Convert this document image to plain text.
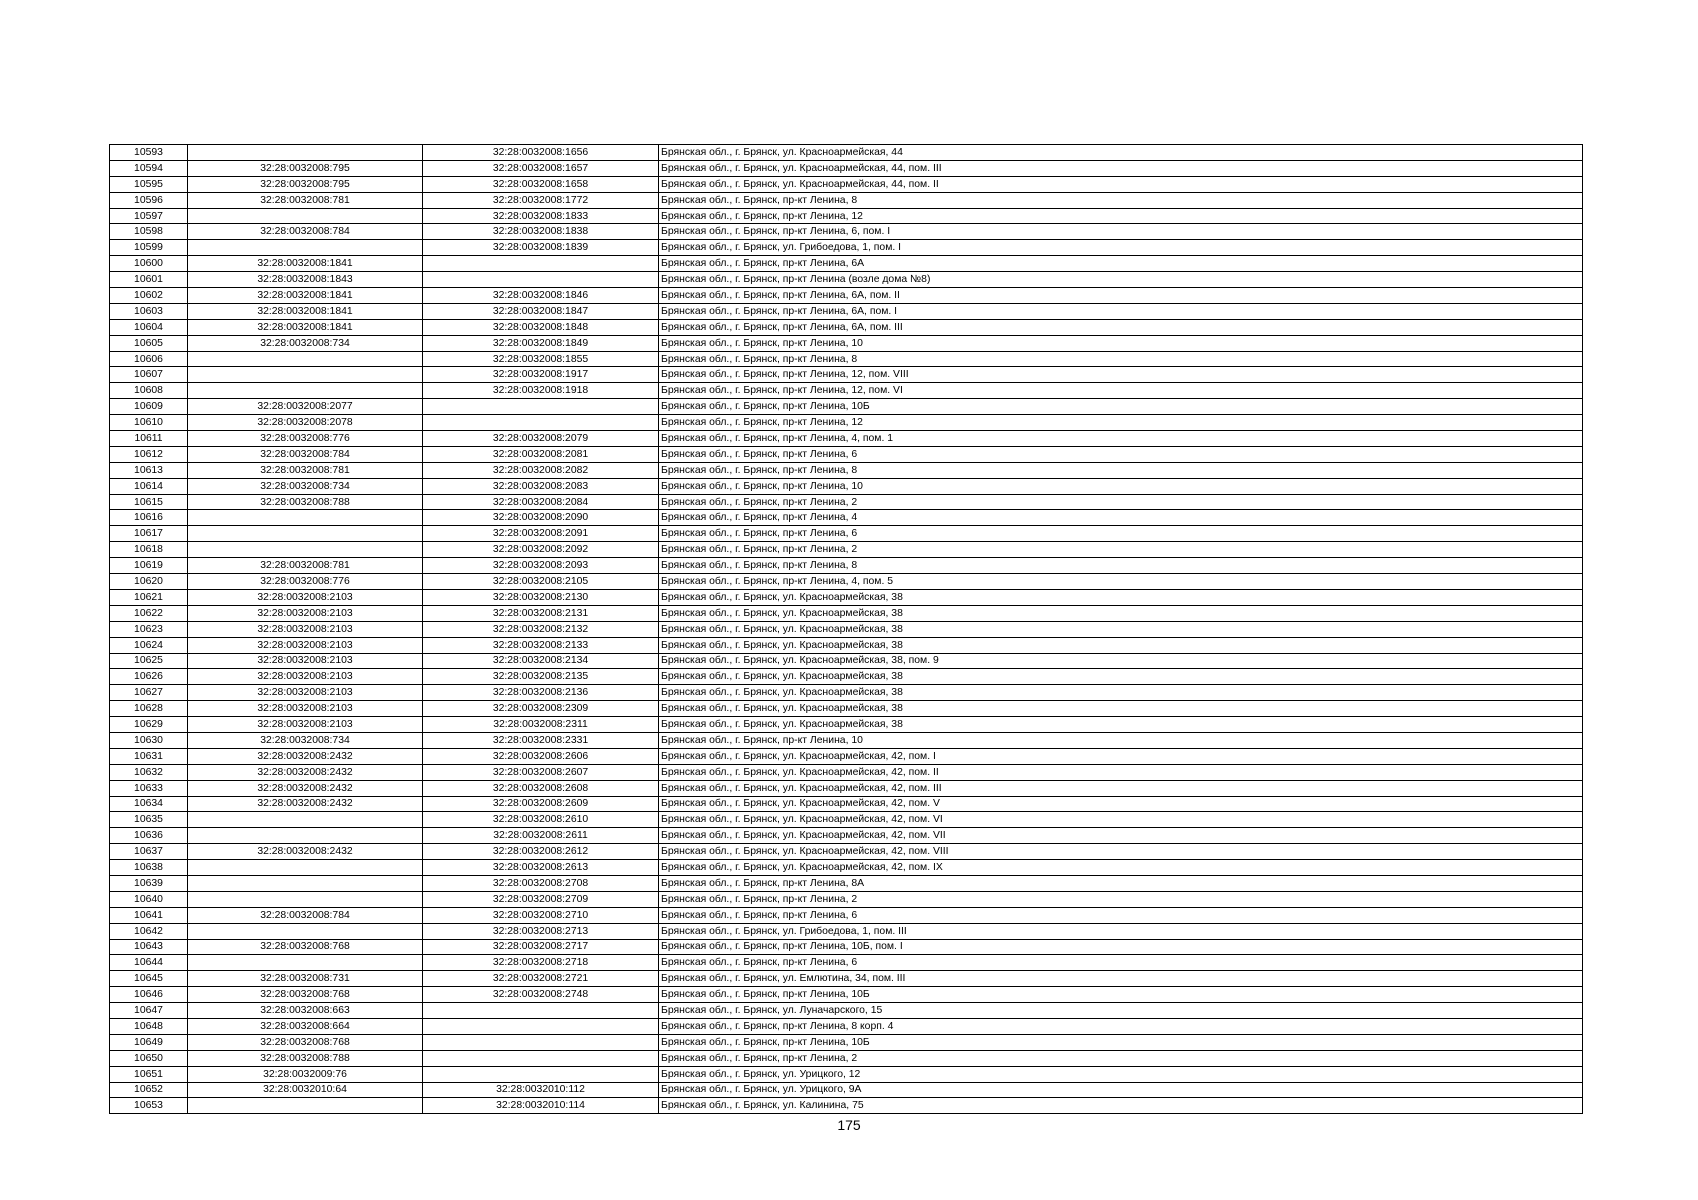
10593		32:28:0032008:1656	Брянская обл., г. Брянск, ул. Красноармейская, 44
10594	32:28:0032008:795	32:28:0032008:1657	Брянская обл., г. Брянск, ул. Красноармейская, 44, пом. III
10595	32:28:0032008:795	32:28:0032008:1658	Брянская обл., г. Брянск, ул. Красноармейская, 44, пом. II
10596	32:28:0032008:781	32:28:0032008:1772	Брянская обл., г. Брянск, пр-кт Ленина, 8
10597		32:28:0032008:1833	Брянская обл., г. Брянск, пр-кт Ленина, 12
10598	32:28:0032008:784	32:28:0032008:1838	Брянская обл., г. Брянск, пр-кт Ленина, 6, пом. I
10599		32:28:0032008:1839	Брянская обл., г. Брянск, ул. Грибоедова, 1, пом. I
10600	32:28:0032008:1841		Брянская обл., г. Брянск, пр-кт Ленина, 6А
10601	32:28:0032008:1843		Брянская обл., г. Брянск, пр-кт Ленина (возле дома №8)
10602	32:28:0032008:1841	32:28:0032008:1846	Брянская обл., г. Брянск, пр-кт Ленина, 6А, пом. II
10603	32:28:0032008:1841	32:28:0032008:1847	Брянская обл., г. Брянск, пр-кт Ленина, 6А, пом. I
10604	32:28:0032008:1841	32:28:0032008:1848	Брянская обл., г. Брянск, пр-кт Ленина, 6А, пом. III
10605	32:28:0032008:734	32:28:0032008:1849	Брянская обл., г. Брянск, пр-кт Ленина, 10
10606		32:28:0032008:1855	Брянская обл., г. Брянск, пр-кт Ленина, 8
10607		32:28:0032008:1917	Брянская обл., г. Брянск, пр-кт Ленина, 12, пом. VIII
10608		32:28:0032008:1918	Брянская обл., г. Брянск, пр-кт Ленина, 12, пом. VI
10609	32:28:0032008:2077		Брянская обл., г. Брянск, пр-кт Ленина, 10Б
10610	32:28:0032008:2078		Брянская обл., г. Брянск, пр-кт Ленина, 12
10611	32:28:0032008:776	32:28:0032008:2079	Брянская обл., г. Брянск, пр-кт Ленина, 4, пом. 1
10612	32:28:0032008:784	32:28:0032008:2081	Брянская обл., г. Брянск, пр-кт Ленина, 6
10613	32:28:0032008:781	32:28:0032008:2082	Брянская обл., г. Брянск, пр-кт Ленина, 8
10614	32:28:0032008:734	32:28:0032008:2083	Брянская обл., г. Брянск, пр-кт Ленина, 10
10615	32:28:0032008:788	32:28:0032008:2084	Брянская обл., г. Брянск, пр-кт Ленина, 2
10616		32:28:0032008:2090	Брянская обл., г. Брянск, пр-кт Ленина, 4
10617		32:28:0032008:2091	Брянская обл., г. Брянск, пр-кт Ленина, 6
10618		32:28:0032008:2092	Брянская обл., г. Брянск, пр-кт Ленина, 2
10619	32:28:0032008:781	32:28:0032008:2093	Брянская обл., г. Брянск, пр-кт Ленина, 8
10620	32:28:0032008:776	32:28:0032008:2105	Брянская обл., г. Брянск, пр-кт Ленина, 4, пом. 5
10621	32:28:0032008:2103	32:28:0032008:2130	Брянская обл., г. Брянск, ул. Красноармейская, 38
10622	32:28:0032008:2103	32:28:0032008:2131	Брянская обл., г. Брянск, ул. Красноармейская, 38
10623	32:28:0032008:2103	32:28:0032008:2132	Брянская обл., г. Брянск, ул. Красноармейская, 38
10624	32:28:0032008:2103	32:28:0032008:2133	Брянская обл., г. Брянск, ул. Красноармейская, 38
10625	32:28:0032008:2103	32:28:0032008:2134	Брянская обл., г. Брянск, ул. Красноармейская, 38, пом. 9
10626	32:28:0032008:2103	32:28:0032008:2135	Брянская обл., г. Брянск, ул. Красноармейская, 38
10627	32:28:0032008:2103	32:28:0032008:2136	Брянская обл., г. Брянск, ул. Красноармейская, 38
10628	32:28:0032008:2103	32:28:0032008:2309	Брянская обл., г. Брянск, ул. Красноармейская, 38
10629	32:28:0032008:2103	32:28:0032008:2311	Брянская обл., г. Брянск, ул. Красноармейская, 38
10630	32:28:0032008:734	32:28:0032008:2331	Брянская обл., г. Брянск, пр-кт Ленина, 10
10631	32:28:0032008:2432	32:28:0032008:2606	Брянская обл., г. Брянск, ул. Красноармейская, 42, пом. I
10632	32:28:0032008:2432	32:28:0032008:2607	Брянская обл., г. Брянск, ул. Красноармейская, 42, пом. II
10633	32:28:0032008:2432	32:28:0032008:2608	Брянская обл., г. Брянск, ул. Красноармейская, 42, пом. III
10634	32:28:0032008:2432	32:28:0032008:2609	Брянская обл., г. Брянск, ул. Красноармейская, 42, пом. V
10635		32:28:0032008:2610	Брянская обл., г. Брянск, ул. Красноармейская, 42, пом. VI
10636		32:28:0032008:2611	Брянская обл., г. Брянск, ул. Красноармейская, 42, пом. VII
10637	32:28:0032008:2432	32:28:0032008:2612	Брянская обл., г. Брянск, ул. Красноармейская, 42, пом. VIII
10638		32:28:0032008:2613	Брянская обл., г. Брянск, ул. Красноармейская, 42, пом. IX
10639		32:28:0032008:2708	Брянская обл., г. Брянск, пр-кт Ленина, 8А
10640		32:28:0032008:2709	Брянская обл., г. Брянск, пр-кт Ленина, 2
10641	32:28:0032008:784	32:28:0032008:2710	Брянская обл., г. Брянск, пр-кт Ленина, 6
10642		32:28:0032008:2713	Брянская обл., г. Брянск, ул. Грибоедова, 1, пом. III
10643	32:28:0032008:768	32:28:0032008:2717	Брянская обл., г. Брянск, пр-кт Ленина, 10Б, пом. I
10644		32:28:0032008:2718	Брянская обл., г. Брянск, пр-кт Ленина, 6
10645	32:28:0032008:731	32:28:0032008:2721	Брянская обл., г. Брянск, ул. Емлютина, 34, пом. III
10646	32:28:0032008:768	32:28:0032008:2748	Брянская обл., г. Брянск, пр-кт Ленина, 10Б
10647	32:28:0032008:663		Брянская обл., г. Брянск, ул. Луначарского, 15
10648	32:28:0032008:664		Брянская обл., г. Брянск, пр-кт Ленина, 8 корп. 4
10649	32:28:0032008:768		Брянская обл., г. Брянск, пр-кт Ленина, 10Б
10650	32:28:0032008:788		Брянская обл., г. Брянск, пр-кт Ленина, 2
10651	32:28:0032009:76		Брянская обл., г. Брянск, ул. Урицкого, 12
10652	32:28:0032010:64	32:28:0032010:112	Брянская обл., г. Брянск, ул. Урицкого, 9А
10653		32:28:0032010:114	Брянская обл., г. Брянск, ул. Калинина, 75
175
